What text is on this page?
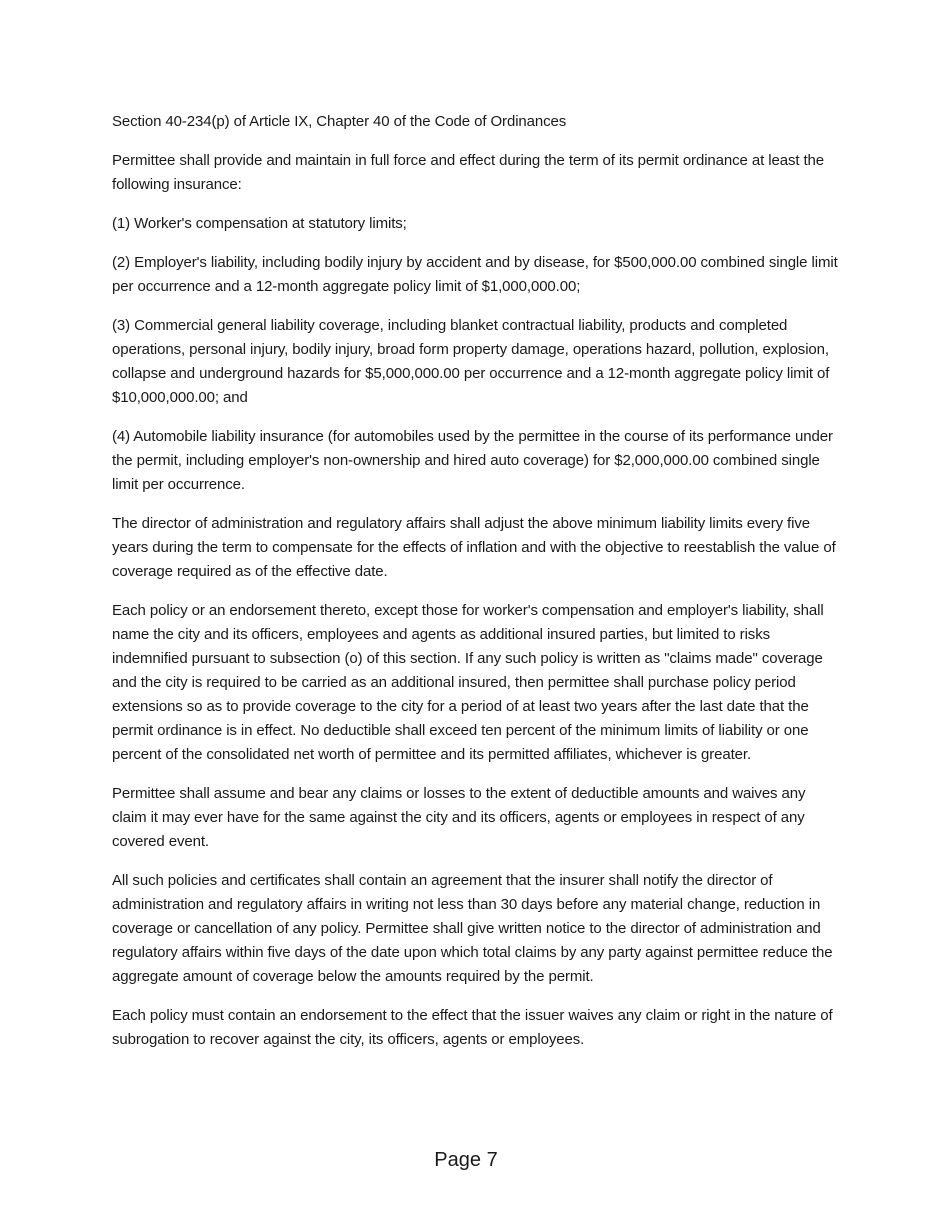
Section 40-234(p) of Article IX, Chapter 40 of the Code of Ordinances

Permittee shall provide and maintain in full force and effect during the term of its permit ordinance at least the following insurance:

(1) Worker's compensation at statutory limits;

(2) Employer's liability, including bodily injury by accident and by disease, for $500,000.00 combined single limit per occurrence and a 12-month aggregate policy limit of $1,000,000.00;

(3) Commercial general liability coverage, including blanket contractual liability, products and completed operations, personal injury, bodily injury, broad form property damage, operations hazard, pollution, explosion, collapse and underground hazards for $5,000,000.00 per occurrence and a 12-month aggregate policy limit of $10,000,000.00; and

(4) Automobile liability insurance (for automobiles used by the permittee in the course of its performance under the permit, including employer's non-ownership and hired auto coverage) for $2,000,000.00 combined single limit per occurrence.

The director of administration and regulatory affairs shall adjust the above minimum liability limits every five years during the term to compensate for the effects of inflation and with the objective to reestablish the value of coverage required as of the effective date.

Each policy or an endorsement thereto, except those for worker's compensation and employer's liability, shall name the city and its officers, employees and agents as additional insured parties, but limited to risks indemnified pursuant to subsection (o) of this section. If any such policy is written as "claims made" coverage and the city is required to be carried as an additional insured, then permittee shall purchase policy period extensions so as to provide coverage to the city for a period of at least two years after the last date that the permit ordinance is in effect. No deductible shall exceed ten percent of the minimum limits of liability or one percent of the consolidated net worth of permittee and its permitted affiliates, whichever is greater.

Permittee shall assume and bear any claims or losses to the extent of deductible amounts and waives any claim it may ever have for the same against the city and its officers, agents or employees in respect of any covered event.

All such policies and certificates shall contain an agreement that the insurer shall notify the director of administration and regulatory affairs in writing not less than 30 days before any material change, reduction in coverage or cancellation of any policy. Permittee shall give written notice to the director of administration and regulatory affairs within five days of the date upon which total claims by any party against permittee reduce the aggregate amount of coverage below the amounts required by the permit.

Each policy must contain an endorsement to the effect that the issuer waives any claim or right in the nature of subrogation to recover against the city, its officers, agents or employees.

Page 7
